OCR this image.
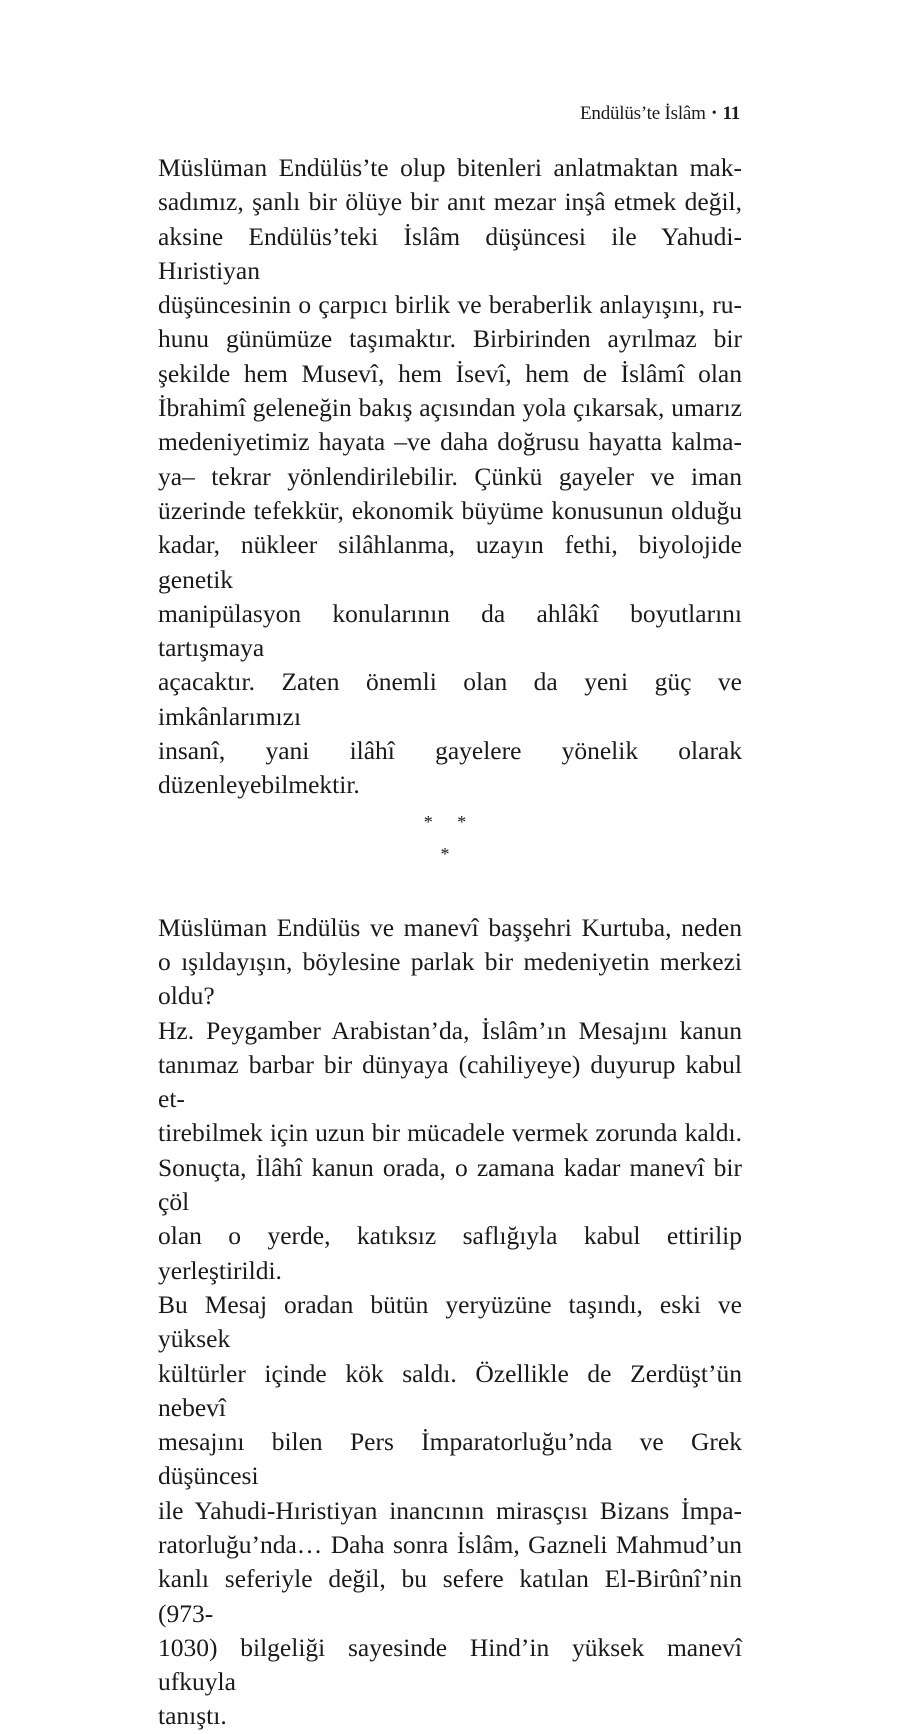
Endülüs’te İslâm • 11

Müslüman Endülüs’te olup bitenleri anlatmaktan mak-
sadımız, şanlı bir ölüye bir anıt mezar inşâ etmek değil,
aksine Endülüs’teki İslâm düşüncesi ile Yahudi-Hıristiyan
düşüncesinin o çarpıcı birlik ve beraberlik anlayışını, ru-
hunu günümüze taşımaktır. Birbirinden ayrılmaz bir
şekilde hem Musevî, hem İsevî, hem de İslâmî olan
İbrahimî geleneğin bakış açısından yola çıkarsak, umarız
medeniyetimiz hayata –ve daha doğrusu hayatta kalma-
ya– tekrar yönlendirilebilir. Çünkü gayeler ve iman
üzerinde tefekkür, ekonomik büyüme konusunun olduğu
kadar, nükleer silâhlanma, uzayın fethi, biyolojide genetik
manipülasyon konularının da ahlâkî boyutlarını tartışmaya
açacaktır. Zaten önemli olan da yeni güç ve imkânlarımızı
insanî, yani ilâhî gayelere yönelik olarak düzenleyebilmektir.

* *
*

Müslüman Endülüs ve manevî başşehri Kurtuba, neden
o ışıldayışın, böylesine parlak bir medeniyetin merkezi oldu?

Hz. Peygamber Arabistan’da, İslâm’ın Mesajını kanun
tanımaz barbar bir dünyaya (cahiliyeye) duyurup kabul et-
tirebilmek için uzun bir mücadele vermek zorunda kaldı.
Sonuçta, İlâhî kanun orada, o zamana kadar manevî bir çöl
olan o yerde, katıksız saflığıyla kabul ettirilip yerleştirildi.

Bu Mesaj oradan bütün yeryüzüne taşındı, eski ve yüksek
kültürler içinde kök saldı. Özellikle de Zerdüşt’ün nebevî
mesajını bilen Pers İmparatorluğu’nda ve Grek düşüncesi
ile Yahudi-Hıristiyan inancının mirasçısı Bizans İmpa-
ratorluğu’nda… Daha sonra İslâm, Gazneli Mahmud’un
kanlı seferiyle değil, bu sefere katılan El-Birûnî’nin (973-
1030) bilgeliği sayesinde Hind’in yüksek manevî ufkuyla
tanıştı.
